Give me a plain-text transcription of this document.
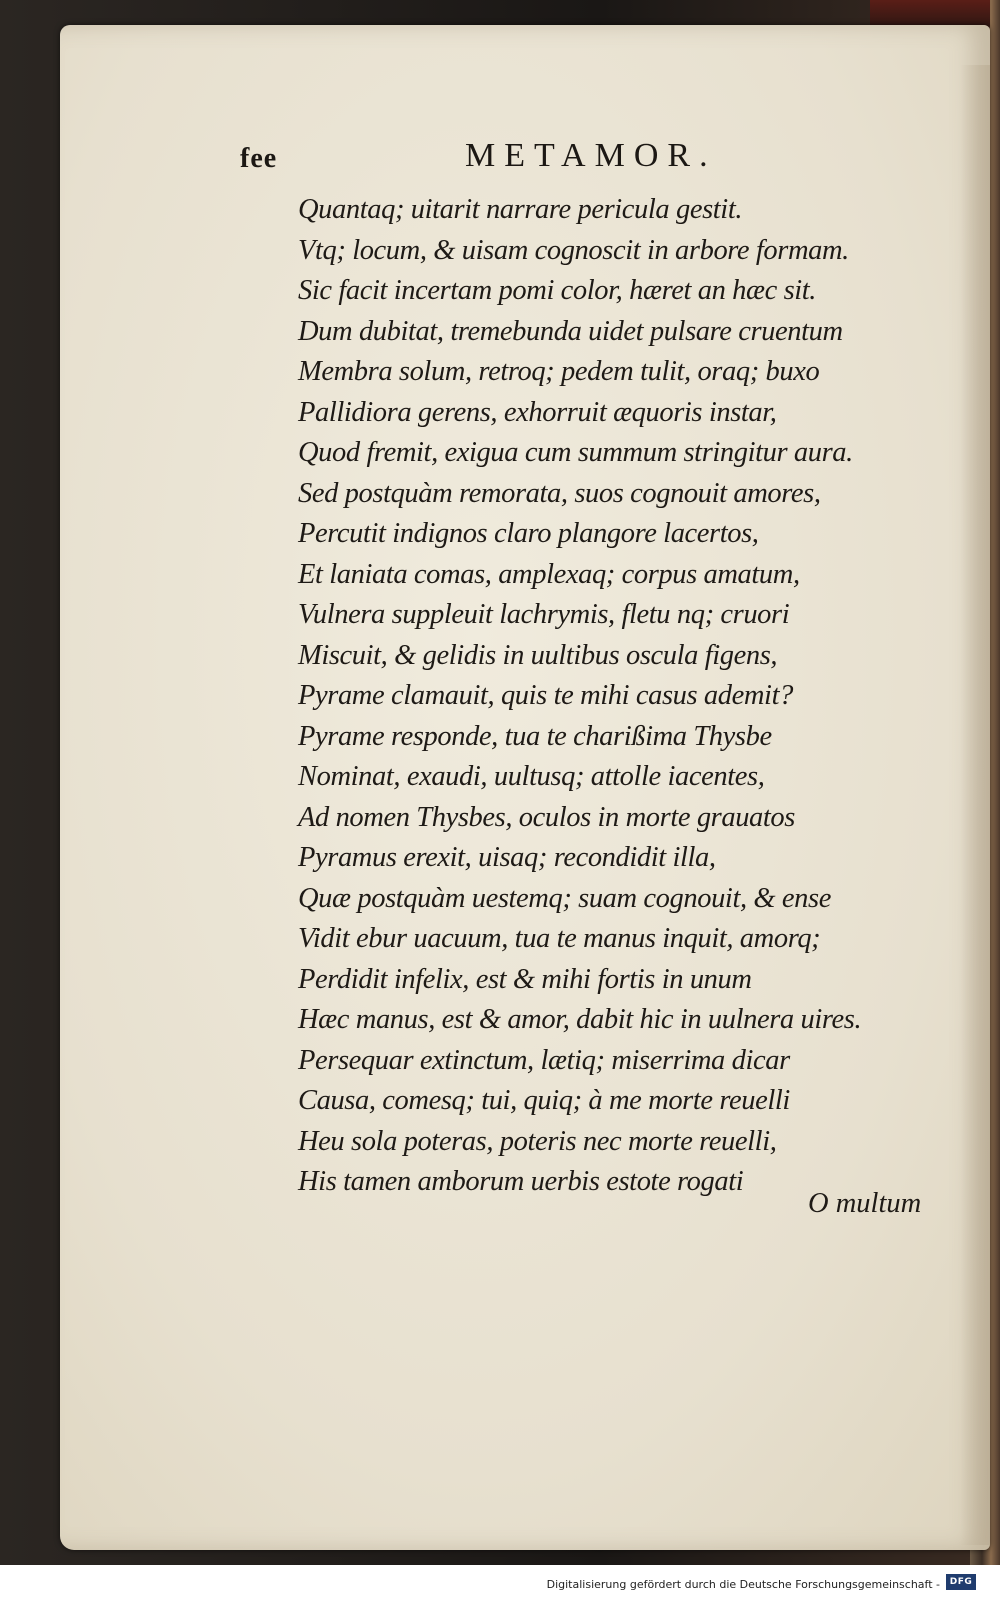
fee	METAMOR.
Quantaq; uitarit narrare pericula gestit.
Vtq; locum, & uisam cognoscit in arbore formam.
Sic facit incertam pomi color, hæret an hæc sit.
Dum dubitat, tremebunda uidet pulsare cruentum
Membra solum, retroq; pedem tulit, oraq; buxo
Pallidiora gerens, exhorruit æquoris instar,
Quod fremit, exigua cum summum stringitur aura.
Sed postquàm remorata, suos cognouit amores,
Percutit indignos claro plangore lacertos,
Et laniata comas, amplexaq; corpus amatum,
Vulnera suppleuit lachrymis, fletu nq; cruori
Miscuit, & gelidis in uultibus oscula figens,
Pyrame clamauit, quis te mihi casus ademit?
Pyrame responde, tua te charißima Thysbe
Nominat, exaudi, uultusq; attolle iacentes,
Ad nomen Thysbes, oculos in morte grauatos
Pyramus erexit, uisaq; recondidit illa,
Quæ postquàm uestemq; suam cognouit, & ense
Vidit ebur uacuum, tua te manus inquit, amorq;
Perdidit infelix, est & mihi fortis in unum
Hæc manus, est & amor, dabit hic in uulnera uires.
Persequar extinctum, lætiq; miserrima dicar
Causa, comesq; tui, quiq; à me morte reuelli
Heu sola poteras, poteris nec morte reuelli,
His tamen amborum uerbis estote rogati
O multum
Digitalisierung gefördert durch die Deutsche Forschungsgemeinschaft -	DFG
